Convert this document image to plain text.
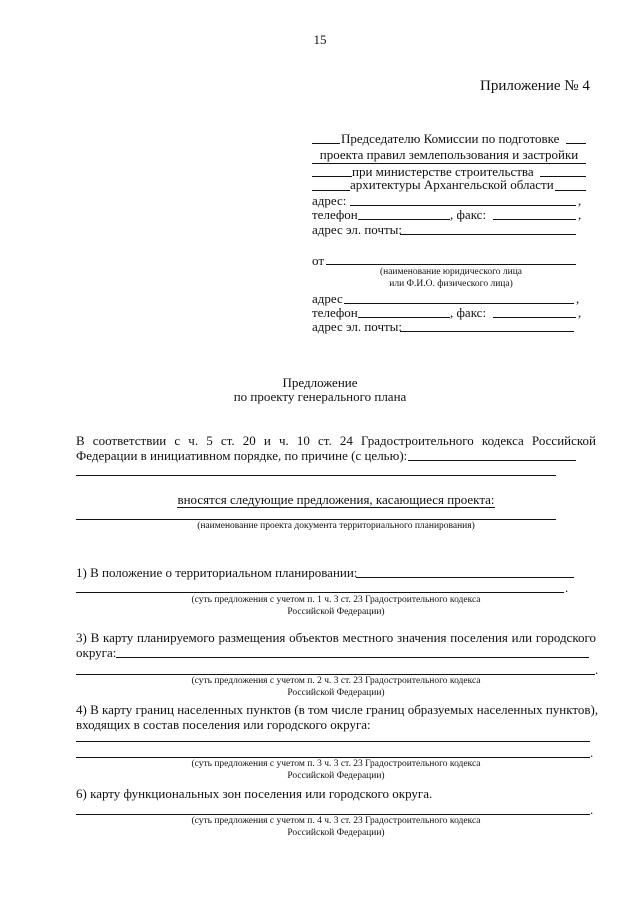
15
Приложение № 4
Председателю Комиссии по подготовке
проекта правил землепользования и застройки
при министерстве строительства
архитектуры Архангельской области
адрес:	,
телефон	, факс:	,
адрес эл. почты:
от
(наименование юридического лица
или Ф.И.О. физического лица)
адрес	,
телефон	, факс:	,
адрес эл. почты:
Предложение
по проекту генерального плана
В соответствии с ч. 5 ст. 20 и ч. 10 ст. 24 Градостроительного кодекса Российской
Федерации в инициативном порядке, по причине (с целью):
вносятся следующие предложения, касающиеся проекта:
(наименование проекта документа территориального планирования)
1) В положение о территориальном планировании:
.
(суть предложения с учетом п. 1 ч. 3 ст. 23 Градостроительного кодекса
Российской Федерации)
3) В карту планируемого размещения объектов местного значения поселения или городского
округа:
.
(суть предложения с учетом п. 2 ч. 3 ст. 23 Градостроительного кодекса
Российской Федерации)
4) В карту границ населенных пунктов (в том числе границ образуемых населенных пунктов),
входящих в состав поселения или городского округа:
.
(суть предложения с учетом п. 3 ч. 3 ст. 23 Градостроительного кодекса
Российской Федерации)
6) карту функциональных зон поселения или городского округа.
.
(суть предложения с учетом п. 4 ч. 3 ст. 23 Градостроительного кодекса
Российской Федерации)
